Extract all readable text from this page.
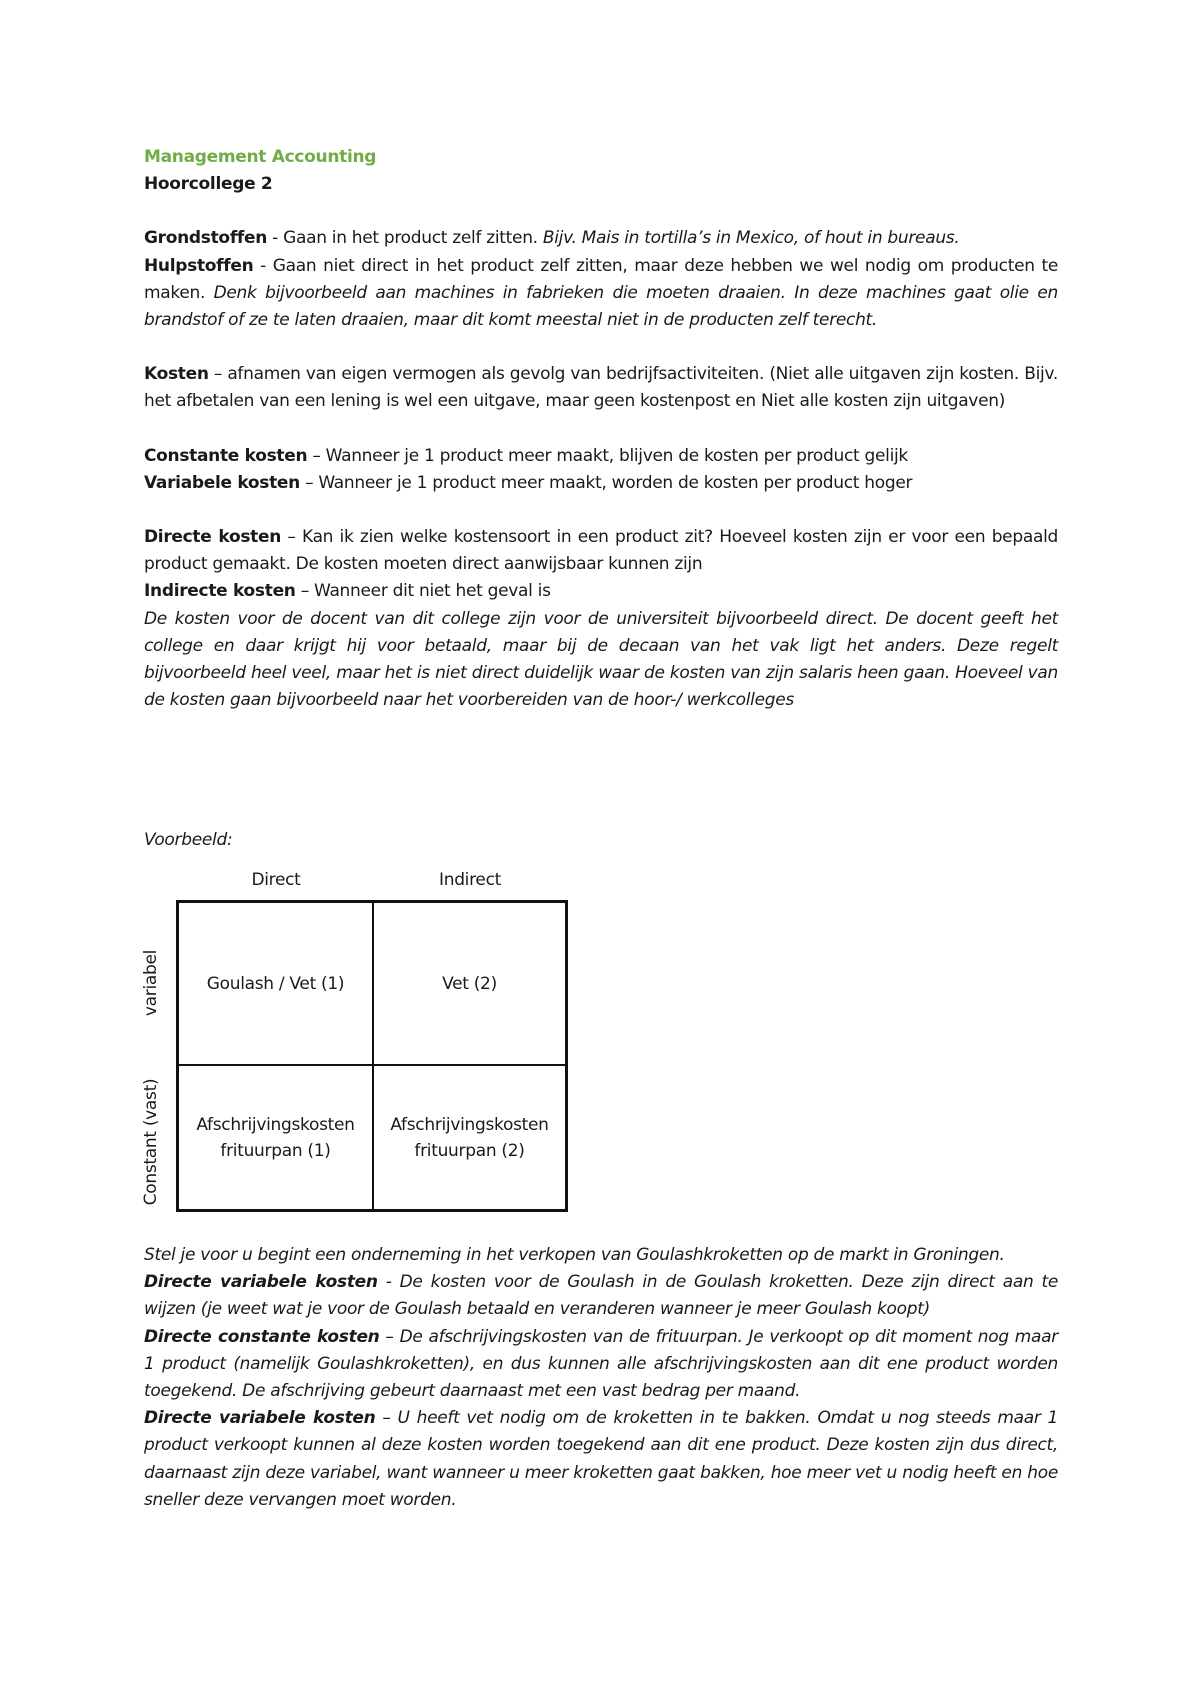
Management Accounting

Hoorcollege 2

Grondstoffen - Gaan in het product zelf zitten. Bijv. Mais in tortilla’s in Mexico, of hout in bureaus.

Hulpstoffen - Gaan niet direct in het product zelf zitten, maar deze hebben we wel nodig om producten te maken. Denk bijvoorbeeld aan machines in fabrieken die moeten draaien. In deze machines gaat olie en brandstof of ze te laten draaien, maar dit komt meestal niet in de producten zelf terecht.

Kosten – afnamen van eigen vermogen als gevolg van bedrijfsactiviteiten. (Niet alle uitgaven zijn kosten. Bijv. het afbetalen van een lening is wel een uitgave, maar geen kostenpost en Niet alle kosten zijn uitgaven)

Constante kosten – Wanneer je 1 product meer maakt, blijven de kosten per product gelijk

Variabele kosten – Wanneer je 1 product meer maakt, worden de kosten per product hoger

Directe kosten – Kan ik zien welke kostensoort in een product zit? Hoeveel kosten zijn er voor een bepaald product gemaakt. De kosten moeten direct aanwijsbaar kunnen zijn

Indirecte kosten – Wanneer dit niet het geval is

De kosten voor de docent van dit college zijn voor de universiteit bijvoorbeeld direct. De docent geeft het college en daar krijgt hij voor betaald, maar bij de decaan van het vak ligt het anders. Deze regelt bijvoorbeeld heel veel, maar het is niet direct duidelijk waar de kosten van zijn salaris heen gaan. Hoeveel van de kosten gaan bijvoorbeeld naar het voorbereiden van de hoor-/ werkcolleges

Voorbeeld:

Direct	Indirect
variabel
Constant (vast)
Goulash / Vet (1)	Vet (2)
Afschrijvingskosten
frituurpan (1)
Afschrijvingskosten
frituurpan (2)

Stel je voor u begint een onderneming in het verkopen van Goulashkroketten op de markt in Groningen.

Directe variabele kosten - De kosten voor de Goulash in de Goulash kroketten. Deze zijn direct aan te wijzen (je weet wat je voor de Goulash betaald en veranderen wanneer je meer Goulash koopt)

Directe constante kosten – De afschrijvingskosten van de frituurpan. Je verkoopt op dit moment nog maar 1 product (namelijk Goulashkroketten), en dus kunnen alle afschrijvingskosten aan dit ene product worden toegekend. De afschrijving gebeurt daarnaast met een vast bedrag per maand.

Directe variabele kosten – U heeft vet nodig om de kroketten in te bakken. Omdat u nog steeds maar 1 product verkoopt kunnen al deze kosten worden toegekend aan dit ene product. Deze kosten zijn dus direct, daarnaast zijn deze variabel, want wanneer u meer kroketten gaat bakken, hoe meer vet u nodig heeft en hoe sneller deze vervangen moet worden.
